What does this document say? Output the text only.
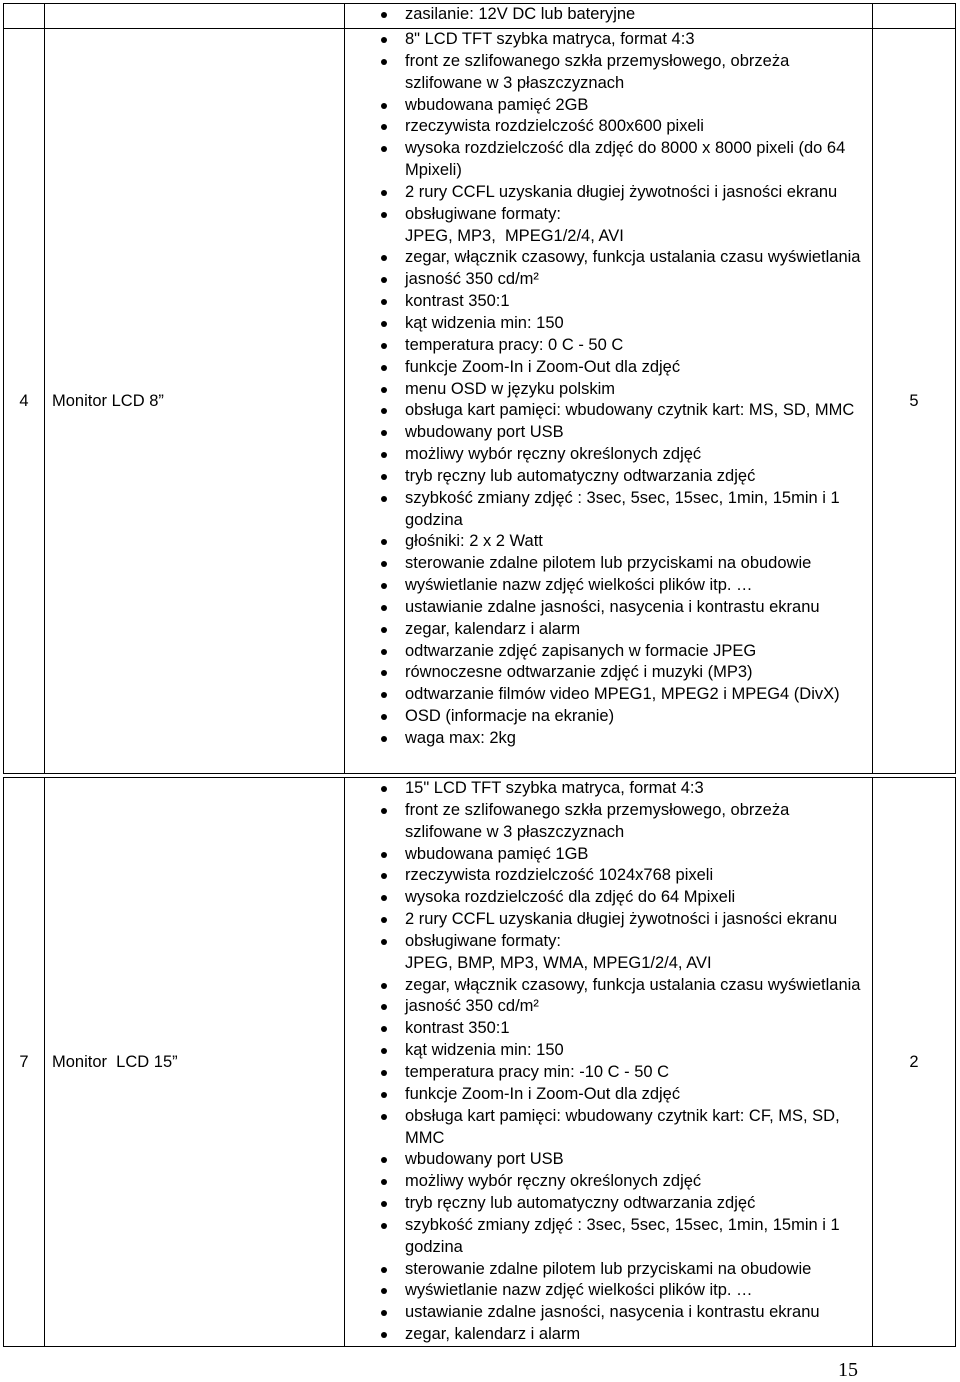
zasilanie: 12V DC lub bateryjne
4 Monitor LCD 8”
8" LCD TFT szybka matryca, format 4:3
front ze szlifowanego szkła przemysłowego, obrzeża
szlifowane w 3 płaszczyznach
wbudowana pamięć 2GB
rzeczywista rozdzielczość 800x600 pixeli
wysoka rozdzielczość dla zdjęć do 8000 x 8000 pixeli (do 64
Mpixeli)
2 rury CCFL uzyskania długiej żywotności i jasności ekranu
obsługiwane formaty:
JPEG, MP3,  MPEG1/2/4, AVI
zegar, włącznik czasowy, funkcja ustalania czasu wyświetlania
jasność 350 cd/m²
kontrast 350:1
kąt widzenia min: 150
temperatura pracy: 0 C - 50 C
funkcje Zoom-In i Zoom-Out dla zdjęć
menu OSD w języku polskim
obsługa kart pamięci: wbudowany czytnik kart: MS, SD, MMC
wbudowany port USB
możliwy wybór ręczny określonych zdjęć
tryb ręczny lub automatyczny odtwarzania zdjęć
szybkość zmiany zdjęć : 3sec, 5sec, 15sec, 1min, 15min i 1
godzina
głośniki: 2 x 2 Watt
sterowanie zdalne pilotem lub przyciskami na obudowie
wyświetlanie nazw zdjęć wielkości plików itp. …
ustawianie zdalne jasności, nasycenia i kontrastu ekranu
zegar, kalendarz i alarm
odtwarzanie zdjęć zapisanych w formacie JPEG
równoczesne odtwarzanie zdjęć i muzyki (MP3)
odtwarzanie filmów video MPEG1, MPEG2 i MPEG4 (DivX)
OSD (informacje na ekranie)
waga max: 2kg
5
7 Monitor  LCD 15”
15" LCD TFT szybka matryca, format 4:3
front ze szlifowanego szkła przemysłowego, obrzeża
szlifowane w 3 płaszczyznach
wbudowana pamięć 1GB
rzeczywista rozdzielczość 1024x768 pixeli
wysoka rozdzielczość dla zdjęć do 64 Mpixeli
2 rury CCFL uzyskania długiej żywotności i jasności ekranu
obsługiwane formaty:
JPEG, BMP, MP3, WMA, MPEG1/2/4, AVI
zegar, włącznik czasowy, funkcja ustalania czasu wyświetlania
jasność 350 cd/m²
kontrast 350:1
kąt widzenia min: 150
temperatura pracy min: -10 C - 50 C
funkcje Zoom-In i Zoom-Out dla zdjęć
obsługa kart pamięci: wbudowany czytnik kart: CF, MS, SD,
MMC
wbudowany port USB
możliwy wybór ręczny określonych zdjęć
tryb ręczny lub automatyczny odtwarzania zdjęć
szybkość zmiany zdjęć : 3sec, 5sec, 15sec, 1min, 15min i 1
godzina
sterowanie zdalne pilotem lub przyciskami na obudowie
wyświetlanie nazw zdjęć wielkości plików itp. …
ustawianie zdalne jasności, nasycenia i kontrastu ekranu
zegar, kalendarz i alarm
2
15
